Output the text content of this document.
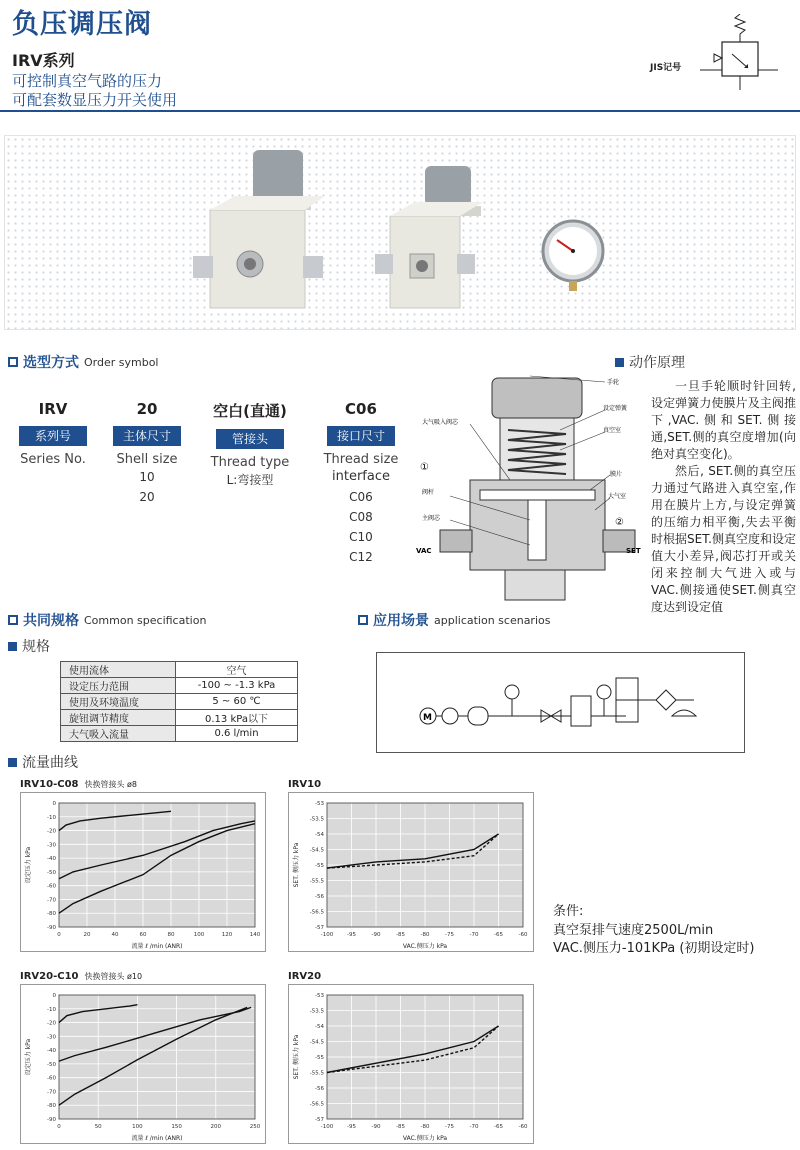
负压调压阀
IRV系列
可控制真空气路的压力
可配套数显压力开关使用
JIS记号
选型方式 Order symbol
IRV
系列号
Series No.
20
主体尺寸
Shell size
10
20
空白(直通)
管接头
Thread type
L:弯接型
C06
接口尺寸
Thread size
interface
C06
C08
C10
C12
动作原理
手轮
设定弹簧
真空室
大气吸入阀芯
膜片
大气室
阀杆
主阀芯
VAC	SET
①
②
一旦手轮顺时针回转,设定弹簧力使膜片及主阀推下,VAC.侧和SET.侧接通,SET.侧的真空度增加(向绝对真空变化)。
然后, SET.侧的真空压力通过气路进入真空室,作用在膜片上方,与设定弹簧的压缩力相平衡,失去平衡时根据SET.侧真空度和设定值大小差异,阀芯打开或关闭来控制大气进入或与VAC.侧接通使SET.侧真空度达到设定值
共同规格 Common specification
规格
使用流体	空气
设定压力范围	-100 ~ -1.3 kPa
使用及环境温度	5 ~ 60 ℃
旋钮调节精度	0.13 kPa以下
大气吸入流量	0.6 l/min
应用场景 application scenarios
M
流量曲线
IRV10-C08 快换管接头 ø8
0	20	40	60	80	100	120	140
-90
-80
-70
-60
-50
-40
-30
-20
-10
0
流量 ℓ /min (ANR)
设定压力 kPa
IRV10
-100	-95	-90	-85	-80	-75	-70	-65	-60
-57
-56.5
-56
-55.5
-55
-54.5
-54
-53.5
-53
VAC.侧压力 kPa
SET. 侧压力 kPa
IRV20-C10 快换管接头 ø10
0	50	100	150	200	250
-90
-80
-70
-60
-50
-40
-30
-20
-10
0
流量 ℓ /min (ANR)
设定压力 kPa
IRV20
-100	-95	-90	-85	-80	-75	-70	-65	-60
-57
-56.5
-56
-55.5
-55
-54.5
-54
-53.5
-53
VAC.侧压力 kPa
SET. 侧压力 kPa
条件:
真空泵排气速度2500L/min
VAC.侧压力-101KPa (初期设定时)
